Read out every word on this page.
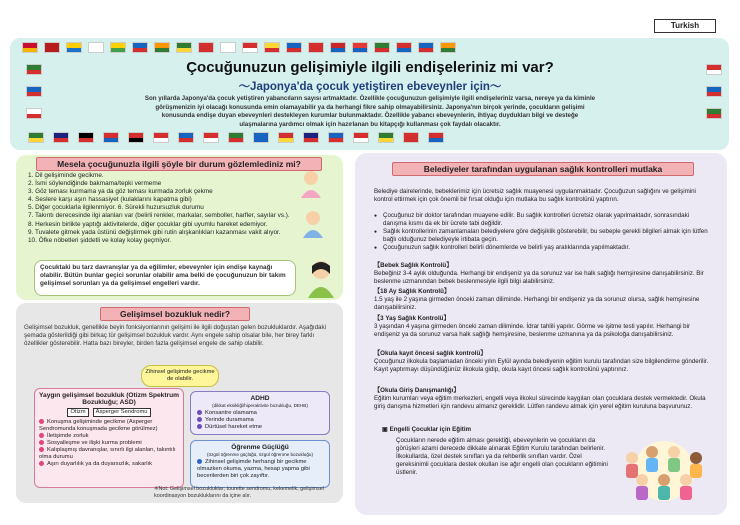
Turkish
Çocuğunuzun gelişimiyle ilgili endişeleriniz mi var?
〜Japonya'da çocuk yetiştiren ebeveynler için〜
Son yıllarda Japonya'da çocuk yetiştiren yabancıların sayısı artmaktadır. Özellikle çocuğunuzun gelişimiyle ilgili endişeleriniz varsa, nereye ya da kiminle görüşmenizin iyi olacağı konusunda emin olamayabilir ya da herhangi fikre sahip olmayabilirsiniz. Japonya'nın birçok yerinde, çocukların gelişimi konusunda endişe duyan ebeveynleri destekleyen kurumlar bulunmaktadır. Özellikle yabancı ebeveynlerin, ihtiyaç duydukları bilgi ve desteğe ulaşmalarına yardımcı olmak için hazırlanan bu kitapçığı kullanması çok faydalı olacaktır.
Mesela çocuğunuzla ilgili şöyle bir durum gözlemlediniz mi?
1. Dil gelişiminde gecikme.
2. İsmi söylendiğinde bakmama/tepki vermeme
3. Göz teması kurmama ya da göz teması kurmada zorluk çekme
4. Seslere karşı aşırı hassasiyet (kulaklarını kapatma gibi)
5. Diğer çocuklarla ilgilenmiyor. 6. Sürekli huzursuzluk durumu
7. Takıntı derecesinde ilgi alanları var (belirli renkler, markalar, semboller, harfler, sayılar vs.).
8. Herkesin birlikte yaptığı aktivitelerde, diğer çocuklar gibi uyumlu hareket edemiyor.
9. Tuvalete gitmek yada üstünü değiştirmek gibi rutin alışkanlıkları kazanması vakit alıyor.
10. Öfke nöbetleri şiddetli ve kolay kolay geçmiyor.
Çocuktaki bu tarz davranışlar ya da eğilimler, ebeveynler için endişe kaynağı olabilir. Bütün bunlar geçici sorunlar olabilir ama belki de çocuğunuzun bir takım gelişimsel sorunları ya da gelişimsel engelleri vardır.
Gelişimsel bozukluk nedir?
Gelişimsel bozukluk, genellikle beyin fonksiyonlarının gelişimi ile ilgili doğuştan gelen bozukluklardır. Aşağıdaki şemada gösterildiği gibi birkaç tür gelişimsel bozukluk vardır. Aynı engele sahip olsalar bile, her birey farklı özellikler gösterebilir. Hatta bazı bireyler, birden fazla gelişimsel engele de sahip olabilir.
Zihinsel gelişimde gecikme de olabilir.
Yaygın gelişimsel bozukluk (Otizm Spektrum Bozukluğu; ASD)
Otizm	Asperger Sendromu
Konuşma gelişiminde gecikme (Asperger Sendromunda konuşmada gecikme görülmez)
İletişimde zorluk
Sosyalleşme ve ilişki kurma problemi
Kalıplaşmış davranışlar, sınırlı ilgi alanları, takıntılı olma durumu
Aşırı duyarlılık ya da duyarsızlık, sakarlık
ADHD
(dikkat eksikliği/hiperaktivite bozukluğu, DEHB)
Konsantre olamama
Yerinde duramama
Dürtüsel hareket etme
Öğrenme Güçlüğü
(özgül öğrenme güçlüğü, özgül öğrenme bozukluğu)
Zihinsel gelişimde herhangi bir gecikme olmazken okuma, yazma, hesap yapma gibi becerilerden biri çok zayıftır.
※Not: Gelişimsel bozukluklar; tourette sendromu, kekemelik, gelişimsel koordinasyon bozukluklarını da içine alır.
Belediyeler tarafından uygulanan sağlık kontrolleri mutlaka
Belediye dairelerinde, bebeklerimiz için ücretsiz sağlık muayenesi uygulanmaktadır. Çocuğuzun sağlığını ve gelişimini kontrol ettirmek için çok önemli bir fırsat olduğu için mutlaka bu sağlık kontrolünü yaptırın.
● Çocuğunuz bir doktor tarafından muayene edilir. Bu sağlık kontrolleri ücretsiz olarak yapılmaktadır, sonrasındaki danışma kısmı da ek bir ücrete tabi değildir.
● Sağlık kontrollerinin zamanlamaları belediyelere göre değişiklik gösterebilir, bu sebeple gerekli bilgileri almak için lütfen bağlı olduğunuz belediyeyle irtibata geçin.
● Çocuğunuzun sağlık kontrolleri belirli dönemlerde ve belirli yaş aralıklarında yapılmaktadır.
【Bebek Sağlık Kontrolü】
Bebeğiniz 3-4 aylık olduğunda. Herhangi bir endişeniz ya da sorunuz var ise halk sağlığı hemşiresine danışabilirsiniz. Bir beslenme uzmanından bebek beslenmesiyle ilgili bilgi alabilirsiniz.
【18 Ay Sağlık Kontrolü】
1.5 yaş ile 2 yaşına girmeden önceki zaman diliminde. Herhangi bir endişeniz ya da sorunuz olursa, sağlık hemşiresine danışabilirsiniz.
【3 Yaş Sağlık Kontrolü】
3 yaşından 4 yaşına girmeden önceki zaman diliminde. İdrar tahlili yapılır. Görme ve işitme testi yapılır. Herhangi bir endişeniz ya da sorunuz varsa halk sağlığı hemşiresine, beslenme uzmanına ya da psikoloğa danışabilirsiniz.
【Okula kayıt öncesi sağlık kontrolü】
Çocuğunuz ilkokula başlamadan önceki yılın Eylül ayında belediyenin eğitim kurulu tarafından size bilgilendirme gönderilir. Kayıt yaptırmayı düşündüğünüz ilkokula gidip, okula kayıt öncesi sağlık kontrolünü yaptırınız.
【Okula Giriş Danışmanlığı】
Eğitim kurumları veya eğitim merkezleri, engelli veya ilkokul sürecinde kaygıları olan çocuklara destek vermektedir. Okula giriş danışma hizmetleri için randevu almanız gereklidir. Lütfen randevu almak için yerel eğitim kuruluna başvurunuz.
▣ Engelli Çocuklar için Eğitim
Çocukların nerede eğitim alması gerektiği, ebeveynlerin ve çocukların da görüşleri azami derecede dikkate alınarak Eğitim Kurulu tarafından belirlenir. İlkokullarda, özel destek sınıfları ya da rehberlik sınıfları vardır. Özel gereksinimli çocuklara destek okulları ise ağır engelli olan çocukların eğitimini üstlenir.
